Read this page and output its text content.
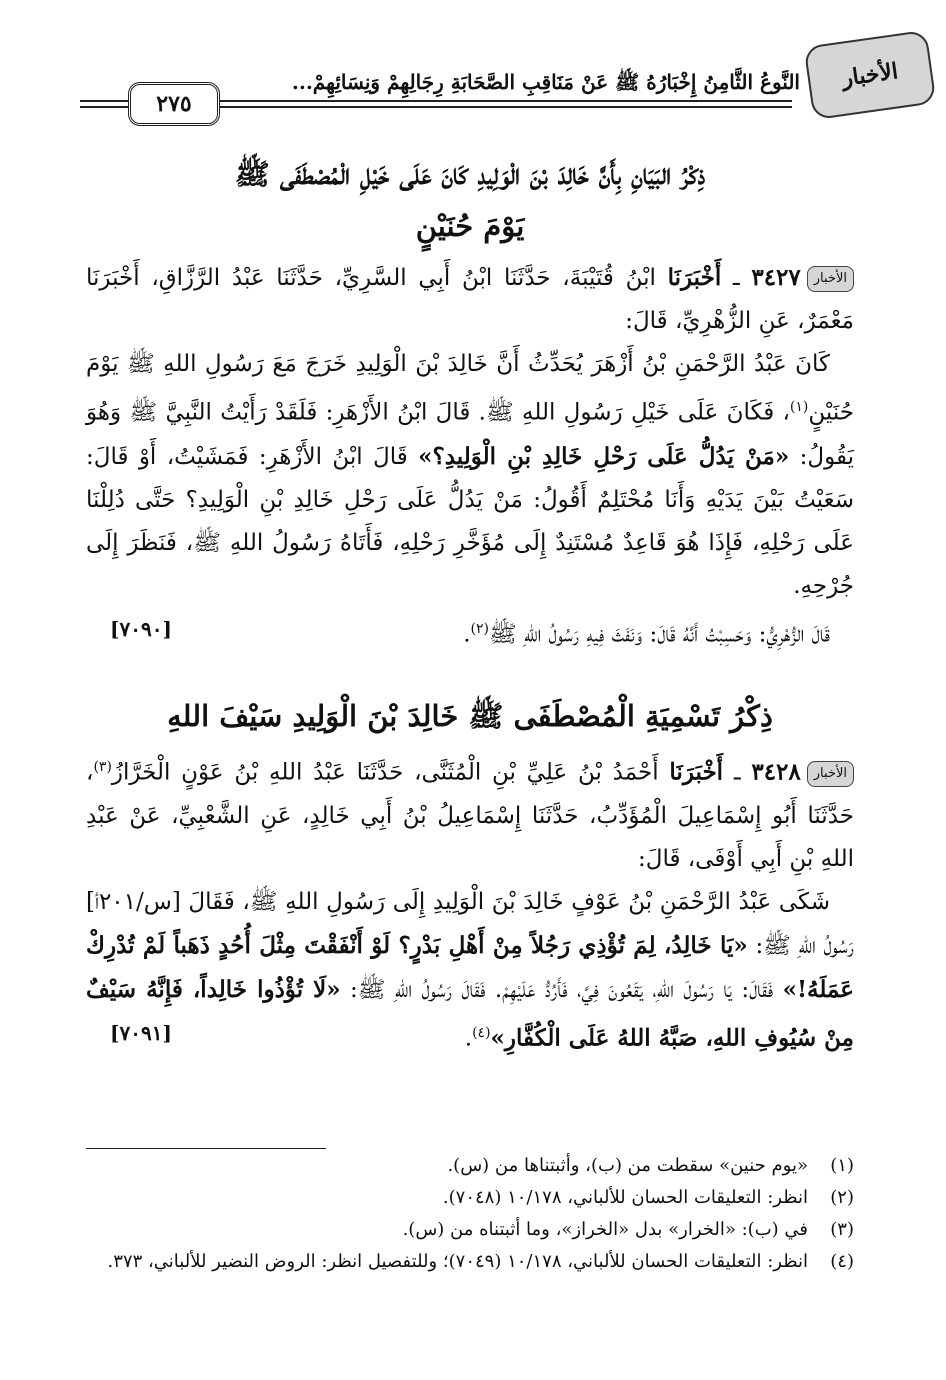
الأخبار
النَّوعُ الثَّامِنُ إِخْبَارُهُ ﷺ عَنْ مَنَاقِبِ الصَّحَابَةِ رِجَالِهِمْ وَنِسَائِهِمْ...
٢٧٥
ذِكْرُ البَيَانِ بِأَنَّ خَالِدَ بْنَ الْوَلِيدِ كَانَ عَلَى خَيْلِ الْمُصْطَفَى ﷺ
يَوْمَ حُنَيْنٍ

الأخبار٣٤٢٧ ـ أَخْبَرَنَا ابْنُ قُتَيْبَةَ، حَدَّثَنَا ابْنُ أَبِي السَّرِيِّ، حَدَّثَنَا عَبْدُ الرَّزَّاقِ، أَخْبَرَنَا مَعْمَرٌ، عَنِ الزُّهْرِيِّ، قَالَ:

كَانَ عَبْدُ الرَّحْمَنِ بْنُ أَزْهَرَ يُحَدِّثُ أَنَّ خَالِدَ بْنَ الْوَلِيدِ خَرَجَ مَعَ رَسُولِ اللهِ ﷺ يَوْمَ حُنَيْنٍ$^{(١)}$، فَكَانَ عَلَى خَيْلِ رَسُولِ اللهِ ﷺ. قَالَ ابْنُ الأَزْهَرِ: فَلَقَدْ رَأَيْتُ النَّبِيَّ ﷺ وَهُوَ يَقُولُ: «مَنْ يَدُلُّ عَلَى رَحْلِ خَالِدِ بْنِ الْوَلِيدِ؟» قَالَ ابْنُ الأَزْهَرِ: فَمَشَيْتُ، أَوْ قَالَ: سَعَيْتُ بَيْنَ يَدَيْهِ وَأَنَا مُحْتَلِمٌ أَقُولُ: مَنْ يَدُلُّ عَلَى رَحْلِ خَالِدِ بْنِ الْوَلِيدِ؟ حَتَّى دُلِلْنَا عَلَى رَحْلِهِ، فَإِذَا هُوَ قَاعِدٌ مُسْتَنِدٌ إِلَى مُؤَخَّرِ رَحْلِهِ، فَأَتَاهُ رَسُولُ اللهِ ﷺ، فَنَظَرَ إِلَى جُرْحِهِ.

[٧٠٩٠]	قَالَ الزُّهْرِيُّ: وَحَسِبْتُ أَنَّهُ قَالَ: وَنَفَثَ فِيهِ رَسُولُ اللهِ ﷺ$^{(٢)}$.

ذِكْرُ تَسْمِيَةِ الْمُصْطَفَى ﷺ خَالِدَ بْنَ الْوَلِيدِ سَيْفَ اللهِ

الأخبار٣٤٢٨ ـ أَخْبَرَنَا أَحْمَدُ بْنُ عَلِيِّ بْنِ الْمُثَنَّى، حَدَّثَنَا عَبْدُ اللهِ بْنُ عَوْنٍ الْخَرَّازُ$^{(٣)}$، حَدَّثَنَا أَبُو إِسْمَاعِيلَ الْمُؤَدِّبُ، حَدَّثَنَا إِسْمَاعِيلُ بْنُ أَبِي خَالِدٍ، عَنِ الشَّعْبِيِّ، عَنْ عَبْدِ اللهِ بْنِ أَبِي أَوْفَى، قَالَ:

شَكَى عَبْدُ الرَّحْمَنِ بْنُ عَوْفٍ خَالِدَ بْنَ الْوَلِيدِ إِلَى رَسُولِ اللهِ ﷺ، فَقَالَ [س/٢٠١أ] رَسُولُ اللهِ ﷺ: «يَا خَالِدُ، لِمَ تُؤْذِي رَجُلاً مِنْ أَهْلِ بَدْرٍ؟ لَوْ أَنْفَقْتَ مِثْلَ أُحُدٍ ذَهَباً لَمْ تُدْرِكْ عَمَلَهُ!» فَقَالَ: يَا رَسُولَ اللهِ، يَقَعُونَ فِيَّ، فَأَرُدُّ عَلَيْهِمْ. فَقَالَ رَسُولُ اللهِ ﷺ: «لَا تُؤْذُوا خَالِداً، فَإِنَّهُ سَيْفٌ مِنْ سُيُوفِ اللهِ، صَبَّهُ اللهُ عَلَى الْكُفَّارِ»$^{(٤)}$.
[٧٠٩١]

(١)
«يوم حنين» سقطت من (ب)، وأثبتناها من (س).
(٢)
انظر: التعليقات الحسان للألباني، ١٠/١٧٨ (٧٠٤٨).
(٣)
في (ب): «الخرار» بدل «الخراز»، وما أثبتناه من (س).
(٤)
انظر: التعليقات الحسان للألباني، ١٠/١٧٨ (٧٠٤٩)؛ وللتفصيل انظر: الروض النضير للألباني، ٣٧٣.
